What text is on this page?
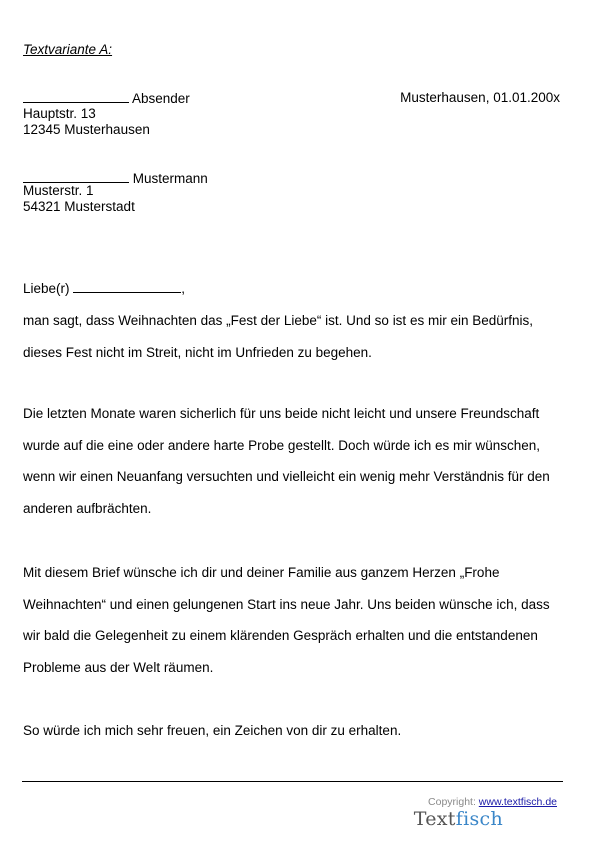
Textvariante A:
Absender	Musterhausen, 01.01.200x
Hauptstr. 13
12345 Musterhausen
Mustermann
Musterstr. 1
54321 Musterstadt
Liebe(r)	,
man sagt, dass Weihnachten das „Fest der Liebe“ ist. Und so ist es mir ein Bedürfnis,
dieses Fest nicht im Streit, nicht im Unfrieden zu begehen.
Die letzten Monate waren sicherlich für uns beide nicht leicht und unsere Freundschaft
wurde auf die eine oder andere harte Probe gestellt. Doch würde ich es mir wünschen,
wenn wir einen Neuanfang versuchten und vielleicht ein wenig mehr Verständnis für den
anderen aufbrächten.
Mit diesem Brief wünsche ich dir und deiner Familie aus ganzem Herzen „Frohe
Weihnachten“ und einen gelungenen Start ins neue Jahr. Uns beiden wünsche ich, dass
wir bald die Gelegenheit zu einem klärenden Gespräch erhalten und die entstandenen
Probleme aus der Welt räumen.
So würde ich mich sehr freuen, ein Zeichen von dir zu erhalten.
Copyright: www.textfisch.de
Textfisch
